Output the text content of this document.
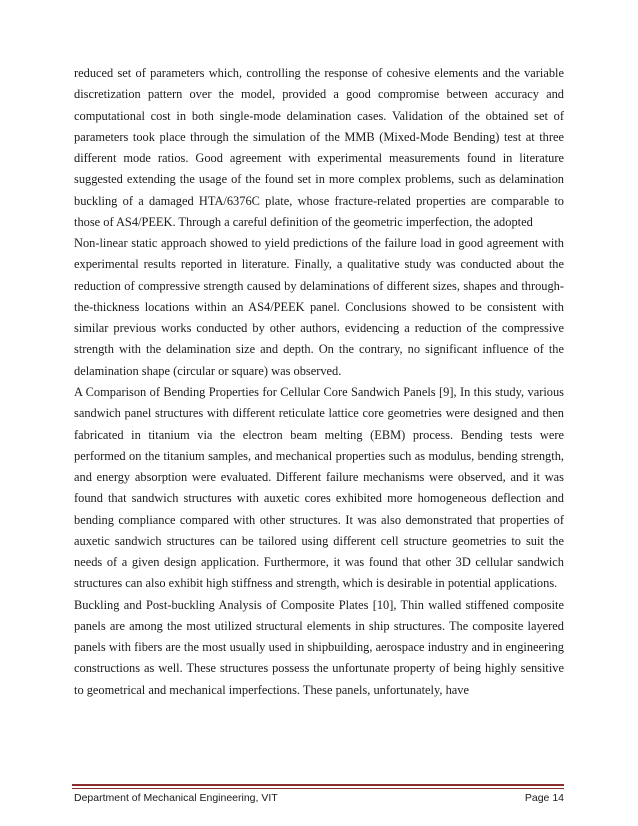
reduced set of parameters which, controlling the response of cohesive elements and the variable discretization pattern over the model, provided a good compromise between accuracy and computational cost in both single-mode delamination cases. Validation of the obtained set of parameters took place through the simulation of the MMB (Mixed-Mode Bending) test at three different mode ratios. Good agreement with experimental measurements found in literature suggested extending the usage of the found set in more complex problems, such as delamination buckling of a damaged HTA/6376C plate, whose fracture-related properties are comparable to those of AS4/PEEK. Through a careful definition of the geometric imperfection, the adopted

Non-linear static approach showed to yield predictions of the failure load in good agreement with experimental results reported in literature. Finally, a qualitative study was conducted about the reduction of compressive strength caused by delaminations of different sizes, shapes and through-the-thickness locations within an AS4/PEEK panel. Conclusions showed to be consistent with similar previous works conducted by other authors, evidencing a reduction of the compressive strength with the delamination size and depth. On the contrary, no significant influence of the delamination shape (circular or square) was observed.

A Comparison of Bending Properties for Cellular Core Sandwich Panels [9], In this study, various sandwich panel structures with different reticulate lattice core geometries were designed and then fabricated in titanium via the electron beam melting (EBM) process. Bending tests were performed on the titanium samples, and mechanical properties such as modulus, bending strength, and energy absorption were evaluated. Different failure mechanisms were observed, and it was found that sandwich structures with auxetic cores exhibited more homogeneous deflection and bending compliance compared with other structures. It was also demonstrated that properties of auxetic sandwich structures can be tailored using different cell structure geometries to suit the needs of a given design application. Furthermore, it was found that other 3D cellular sandwich structures can also exhibit high stiffness and strength, which is desirable in potential applications.

Buckling and Post-buckling Analysis of Composite Plates [10], Thin walled stiffened composite panels are among the most utilized structural elements in ship structures. The composite layered panels with fibers are the most usually used in shipbuilding, aerospace industry and in engineering constructions as well. These structures possess the unfortunate property of being highly sensitive to geometrical and mechanical imperfections. These panels, unfortunately, have

Department of Mechanical Engineering, VIT	Page 14
